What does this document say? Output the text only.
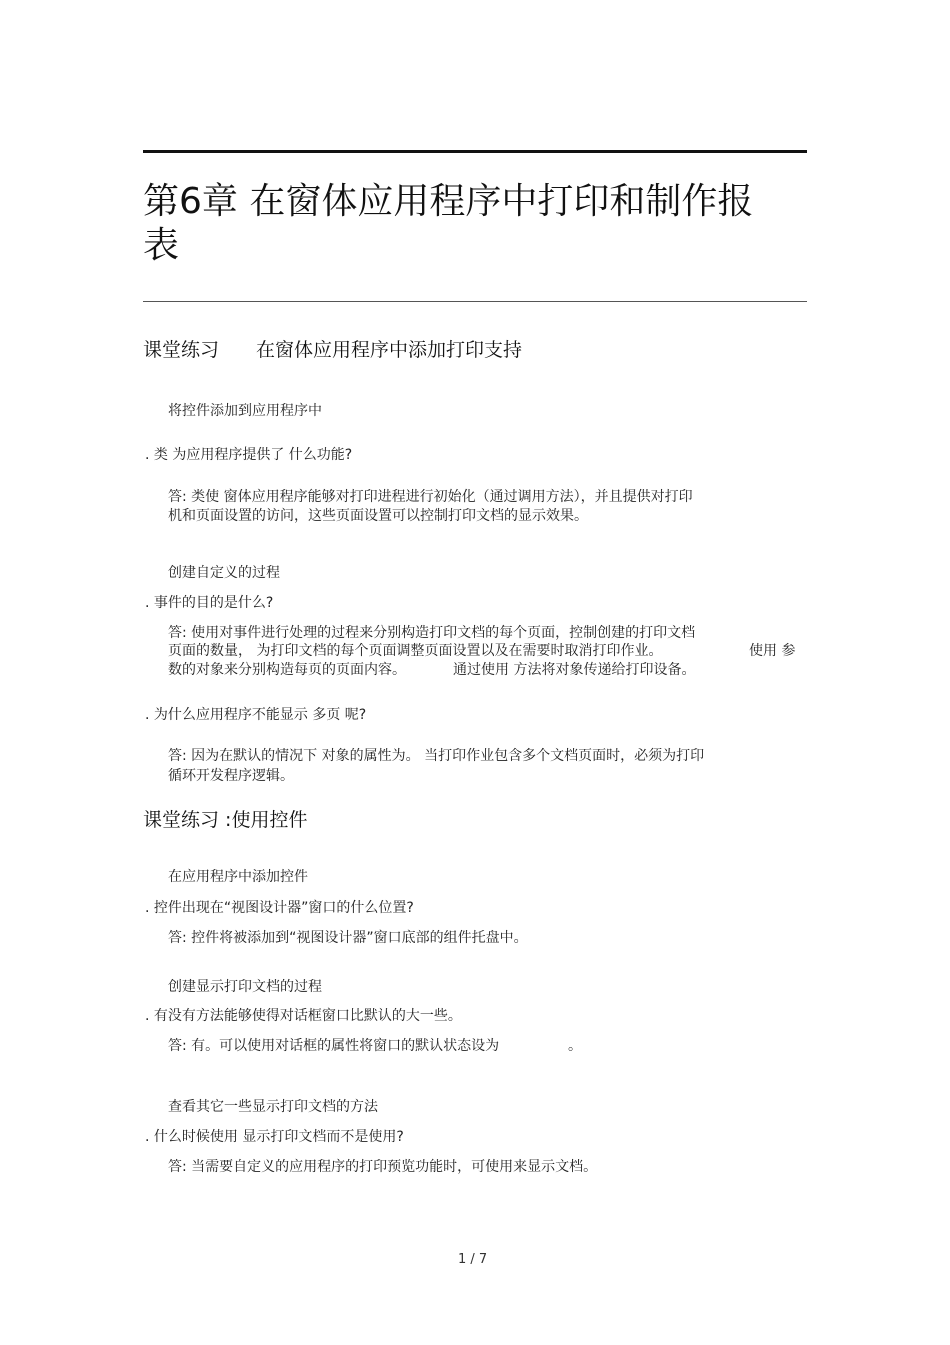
第6章 在窗体应用程序中打印和制作报
表
课堂练习 在窗体应用程序中添加打印支持
将控件添加到应用程序中
. 类 为应用程序提供了 什么功能?
答: 类使 窗体应用程序能够对打印进程进行初始化（通过调用方法），并且提供对打印
机和页面设置的访问，这些页面设置可以控制打印文档的显示效果。
创建自定义的过程
. 事件的目的是什么?
答: 使用对事件进行处理的过程来分别构造打印文档的每个页面，控制创建的打印文档
页面的数量， 为打印文档的每个页面调整页面设置以及在需要时取消打印作业。	使用 参
数的对象来分别构造每页的页面内容。	通过使用 方法将对象传递给打印设备。
. 为什么应用程序不能显示 多页 呢?
答: 因为在默认的情况下 对象的属性为。 当打印作业包含多个文档页面时，必须为打印
循环开发程序逻辑。
课堂练习 :使用控件
在应用程序中添加控件
. 控件出现在“视图设计器”窗口的什么位置?
答: 控件将被添加到“视图设计器”窗口底部的组件托盘中。
创建显示打印文档的过程
. 有没有方法能够使得对话框窗口比默认的大一些。
答: 有。可以使用对话框的属性将窗口的默认状态设为	。
查看其它一些显示打印文档的方法
. 什么时候使用 显示打印文档而不是使用?
答: 当需要自定义的应用程序的打印预览功能时，可使用来显示文档。
1 / 7
